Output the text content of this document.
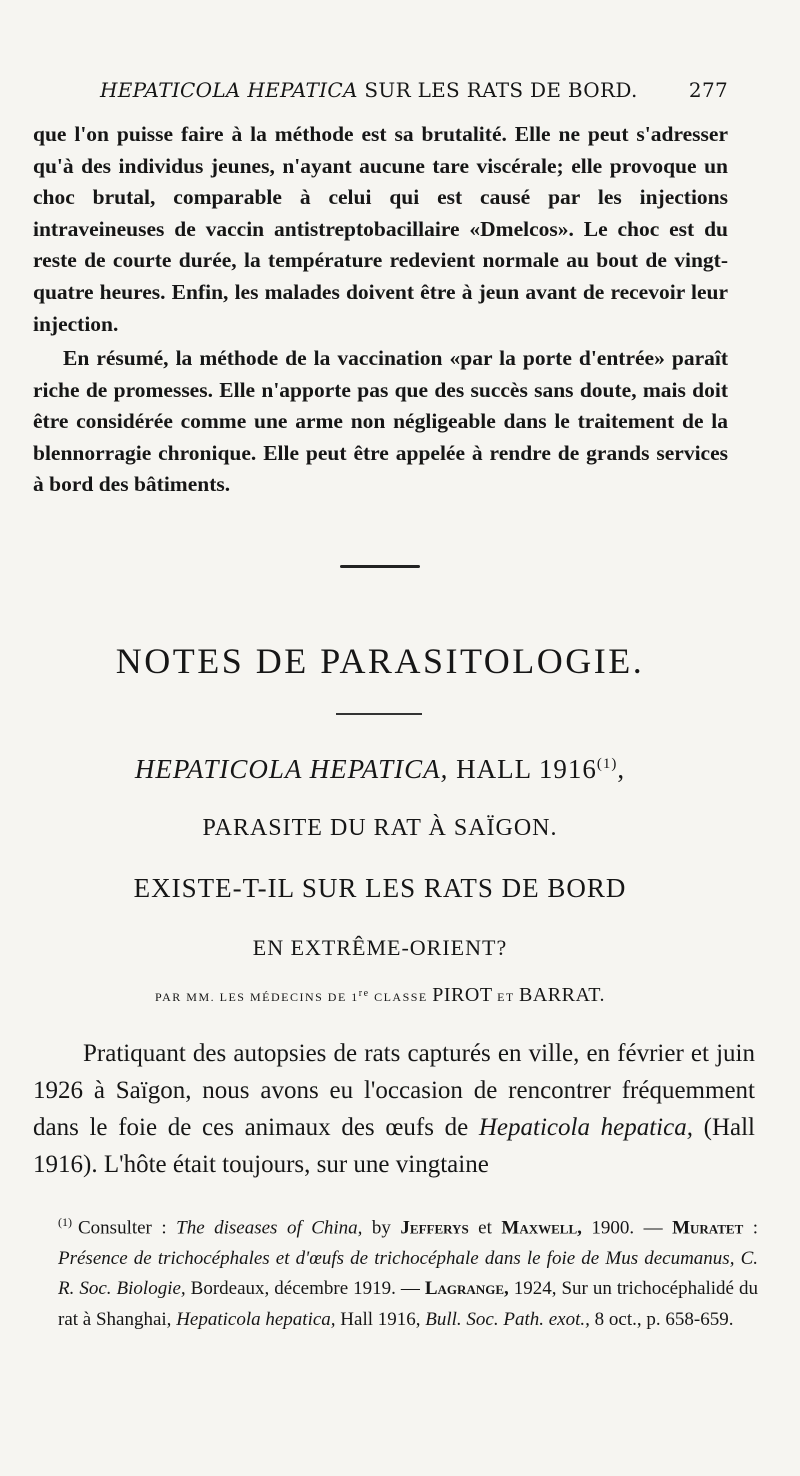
HEPATICOLA HEPATICA SUR LES RATS DE BORD.	277

que l'on puisse faire à la méthode est sa brutalité. Elle ne peut s'adresser qu'à des individus jeunes, n'ayant aucune tare viscérale; elle provoque un choc brutal, comparable à celui qui est causé par les injections intraveineuses de vaccin antistreptobacillaire «Dmelcos». Le choc est du reste de courte durée, la température redevient normale au bout de vingt-quatre heures. Enfin, les malades doivent être à jeun avant de recevoir leur injection.

En résumé, la méthode de la vaccination «par la porte d'entrée» paraît riche de promesses. Elle n'apporte pas que des succès sans doute, mais doit être considérée comme une arme non négligeable dans le traitement de la blennorragie chronique. Elle peut être appelée à rendre de grands services à bord des bâtiments.

NOTES DE PARASITOLOGIE.
HEPATICOLA HEPATICA, HALL 1916$^{(1)}$,
PARASITE DU RAT À SAÏGON.
EXISTE-T-IL SUR LES RATS DE BORD
EN EXTRÊME-ORIENT?
PAR MM. LES MÉDECINS DE 1re CLASSE PIROT ET BARRAT.
Pratiquant des autopsies de rats capturés en ville, en février et juin 1926 à Saïgon, nous avons eu l'occasion de rencontrer fréquemment dans le foie de ces animaux des œufs de Hepaticola hepatica, (Hall 1916). L'hôte était toujours, sur une vingtaine
$^{(1)}$ Consulter : The diseases of China, by Jefferys et Maxwell, 1900. — Muratet : Présence de trichocéphales et d'œufs de trichocéphale dans le foie de Mus decumanus, C. R. Soc. Biologie, Bordeaux, décembre 1919. — Lagrange, 1924, Sur un trichocéphalidé du rat à Shanghai, Hepaticola hepatica, Hall 1916, Bull. Soc. Path. exot., 8 oct., p. 658-659.
